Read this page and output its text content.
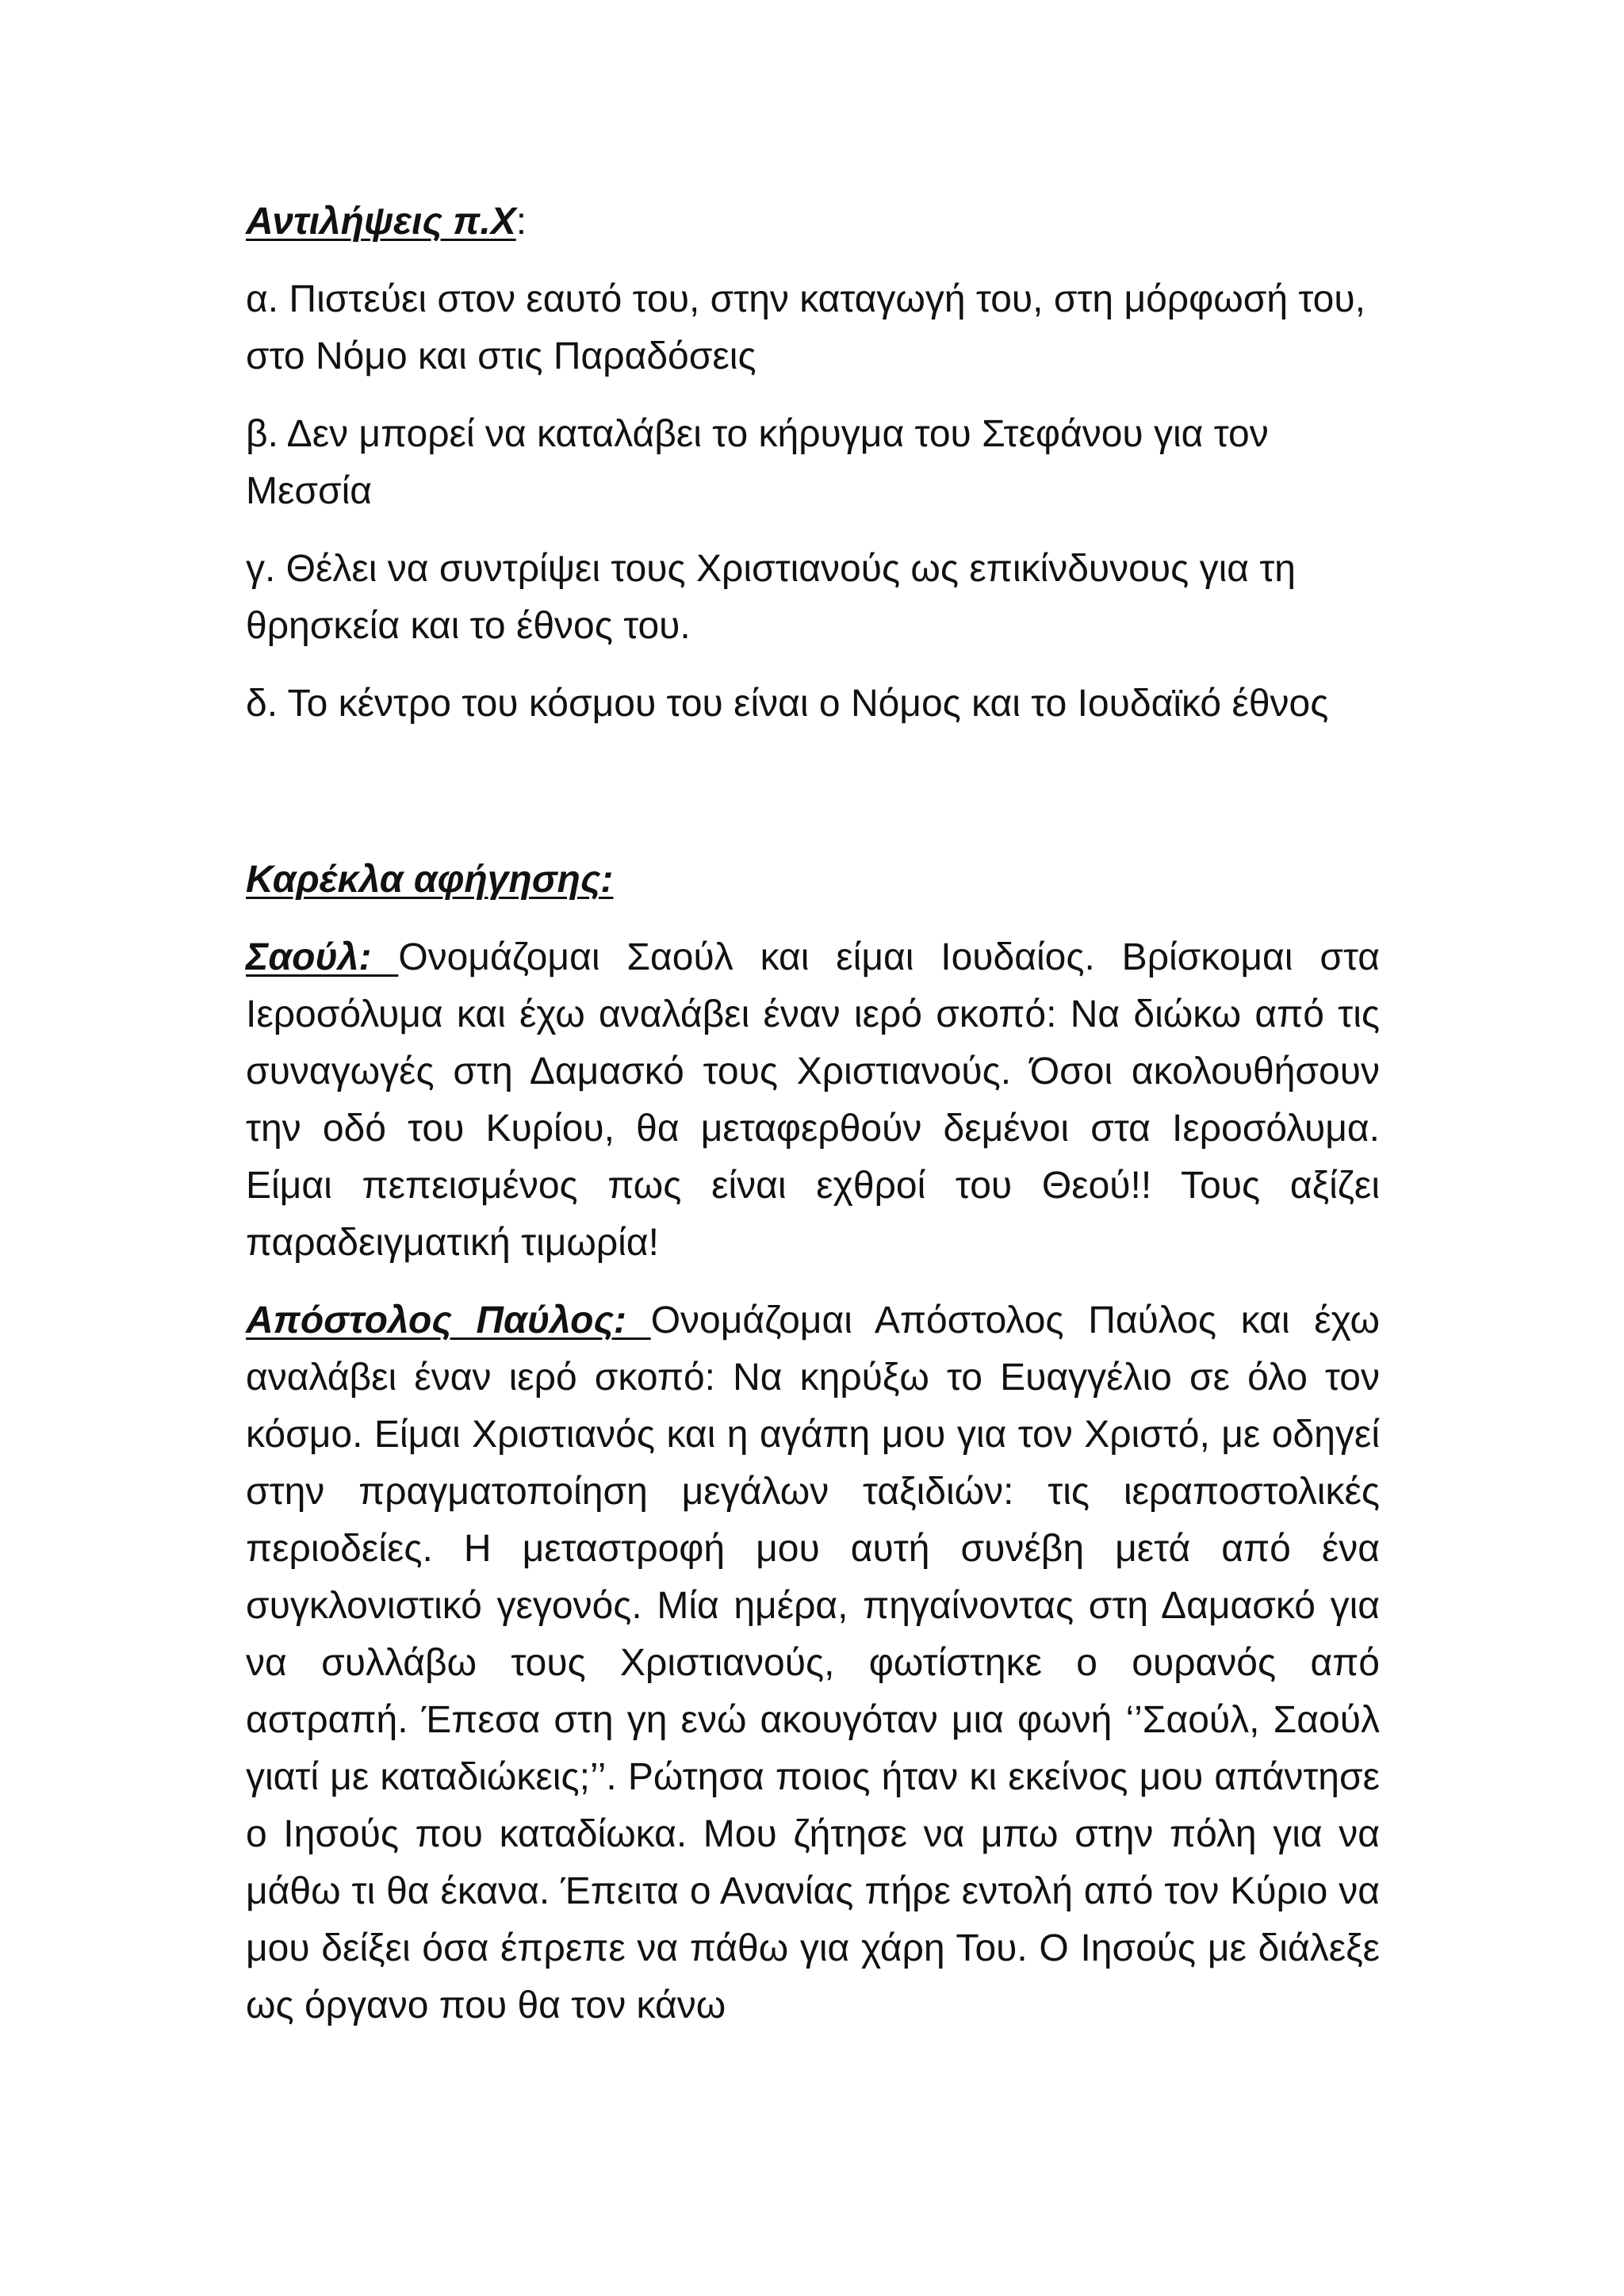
Αντιλήψεις π.Χ:

α. Πιστεύει στον εαυτό του, στην καταγωγή του, στη μόρφωσή του, στο Νόμο και στις Παραδόσεις

β. Δεν μπορεί να καταλάβει το κήρυγμα του Στεφάνου για τον Μεσσία

γ. Θέλει να συντρίψει τους Χριστιανούς ως επικίνδυνους για τη θρησκεία και το έθνος του.

δ. Το κέντρο του κόσμου του είναι ο Νόμος και το Ιουδαϊκό έθνος

Καρέκλα αφήγησης:

Σαούλ: Ονομάζομαι Σαούλ και είμαι Ιουδαίος. Βρίσκομαι στα Ιεροσόλυμα και έχω αναλάβει έναν ιερό σκοπό: Να διώκω από τις συναγωγές στη Δαμασκό τους Χριστιανούς. Όσοι ακολουθήσουν την οδό του Κυρίου, θα μεταφερθούν δεμένοι στα Ιεροσόλυμα. Είμαι πεπεισμένος πως είναι εχθροί του Θεού!! Τους αξίζει παραδειγματική τιμωρία!

Απόστολος Παύλος: Ονομάζομαι Απόστολος Παύλος και έχω αναλάβει έναν ιερό σκοπό: Να κηρύξω το Ευαγγέλιο σε όλο τον κόσμο. Είμαι Χριστιανός και η αγάπη μου για τον Χριστό, με οδηγεί στην πραγματοποίηση μεγάλων ταξιδιών: τις ιεραποστολικές περιοδείες. Η μεταστροφή μου αυτή συνέβη μετά από ένα συγκλονιστικό γεγονός. Μία ημέρα, πηγαίνοντας στη Δαμασκό για να συλλάβω τους Χριστιανούς, φωτίστηκε ο ουρανός από αστραπή. Έπεσα στη γη ενώ ακουγόταν μια φωνή ‘’Σαούλ, Σαούλ γιατί με καταδιώκεις;’’. Ρώτησα ποιος ήταν κι εκείνος μου απάντησε ο Ιησούς που καταδίωκα. Μου ζήτησε να μπω στην πόλη για να μάθω τι θα έκανα. Έπειτα ο Ανανίας πήρε εντολή από τον Κύριο να μου δείξει όσα έπρεπε να πάθω για χάρη Του. Ο Ιησούς με διάλεξε ως όργανο που θα τον κάνω
